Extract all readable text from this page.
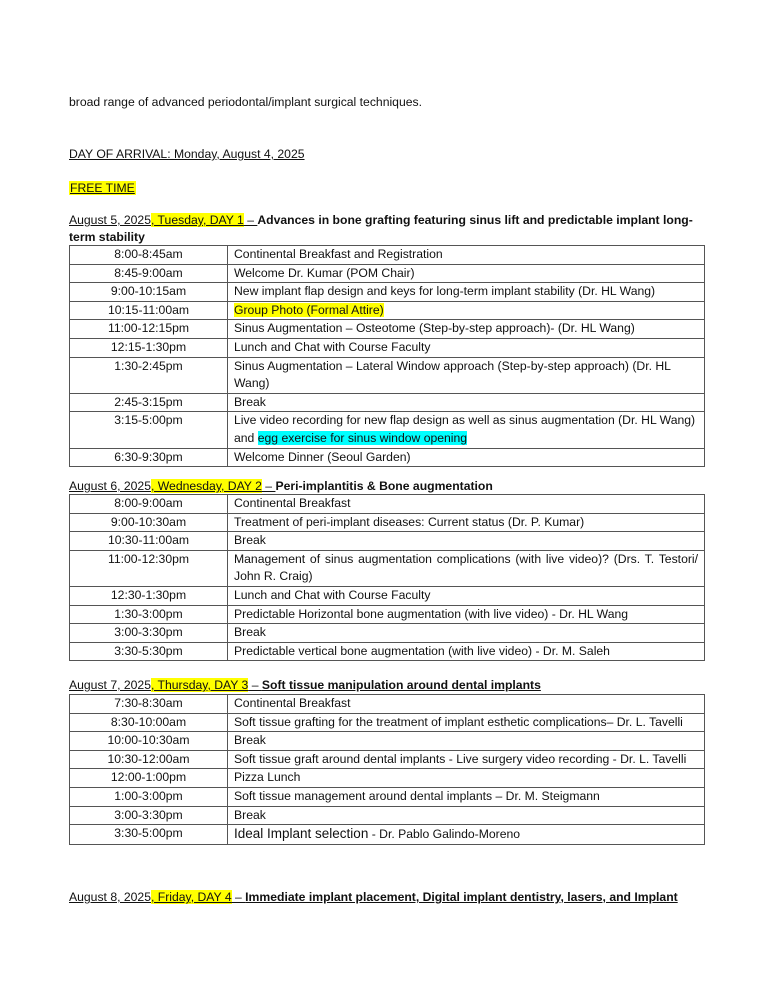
broad range of advanced periodontal/implant surgical techniques.
DAY OF ARRIVAL: Monday, August 4, 2025
FREE TIME
August 5, 2025, Tuesday, DAY 1 – Advances in bone grafting featuring sinus lift and predictable implant long-term stability
8:00-8:45am	Continental Breakfast and Registration
8:45-9:00am	Welcome Dr. Kumar (POM Chair)
9:00-10:15am	New implant flap design and keys for long-term implant stability (Dr. HL Wang)
10:15-11:00am	Group Photo (Formal Attire)
11:00-12:15pm	Sinus Augmentation – Osteotome (Step-by-step approach)- (Dr. HL Wang)
12:15-1:30pm	Lunch and Chat with Course Faculty
1:30-2:45pm	Sinus Augmentation – Lateral Window approach (Step-by-step approach) (Dr. HL Wang)
2:45-3:15pm	Break
3:15-5:00pm	Live video recording for new flap design as well as sinus augmentation (Dr. HL Wang) and egg exercise for sinus window opening
6:30-9:30pm	Welcome Dinner (Seoul Garden)
August 6, 2025, Wednesday, DAY 2 – Peri-implantitis & Bone augmentation
8:00-9:00am	Continental Breakfast
9:00-10:30am	Treatment of peri-implant diseases: Current status (Dr. P. Kumar)
10:30-11:00am	Break
11:00-12:30pm	Management of sinus augmentation complications (with live video)? (Drs. T. Testori/ John R. Craig)
12:30-1:30pm	Lunch and Chat with Course Faculty
1:30-3:00pm	Predictable Horizontal bone augmentation (with live video) - Dr. HL Wang
3:00-3:30pm	Break
3:30-5:30pm	Predictable vertical bone augmentation (with live video) - Dr. M. Saleh
August 7, 2025, Thursday, DAY 3 – Soft tissue manipulation around dental implants
7:30-8:30am	Continental Breakfast
8:30-10:00am	Soft tissue grafting for the treatment of implant esthetic complications– Dr. L. Tavelli
10:00-10:30am	Break
10:30-12:00am	Soft tissue graft around dental implants - Live surgery video recording - Dr. L. Tavelli
12:00-1:00pm	Pizza Lunch
1:00-3:00pm	Soft tissue management around dental implants – Dr. M. Steigmann
3:00-3:30pm	Break
3:30-5:00pm	Ideal Implant selection - Dr. Pablo Galindo-Moreno
August 8, 2025, Friday, DAY 4 – Immediate implant placement, Digital implant dentistry, lasers, and Implant
